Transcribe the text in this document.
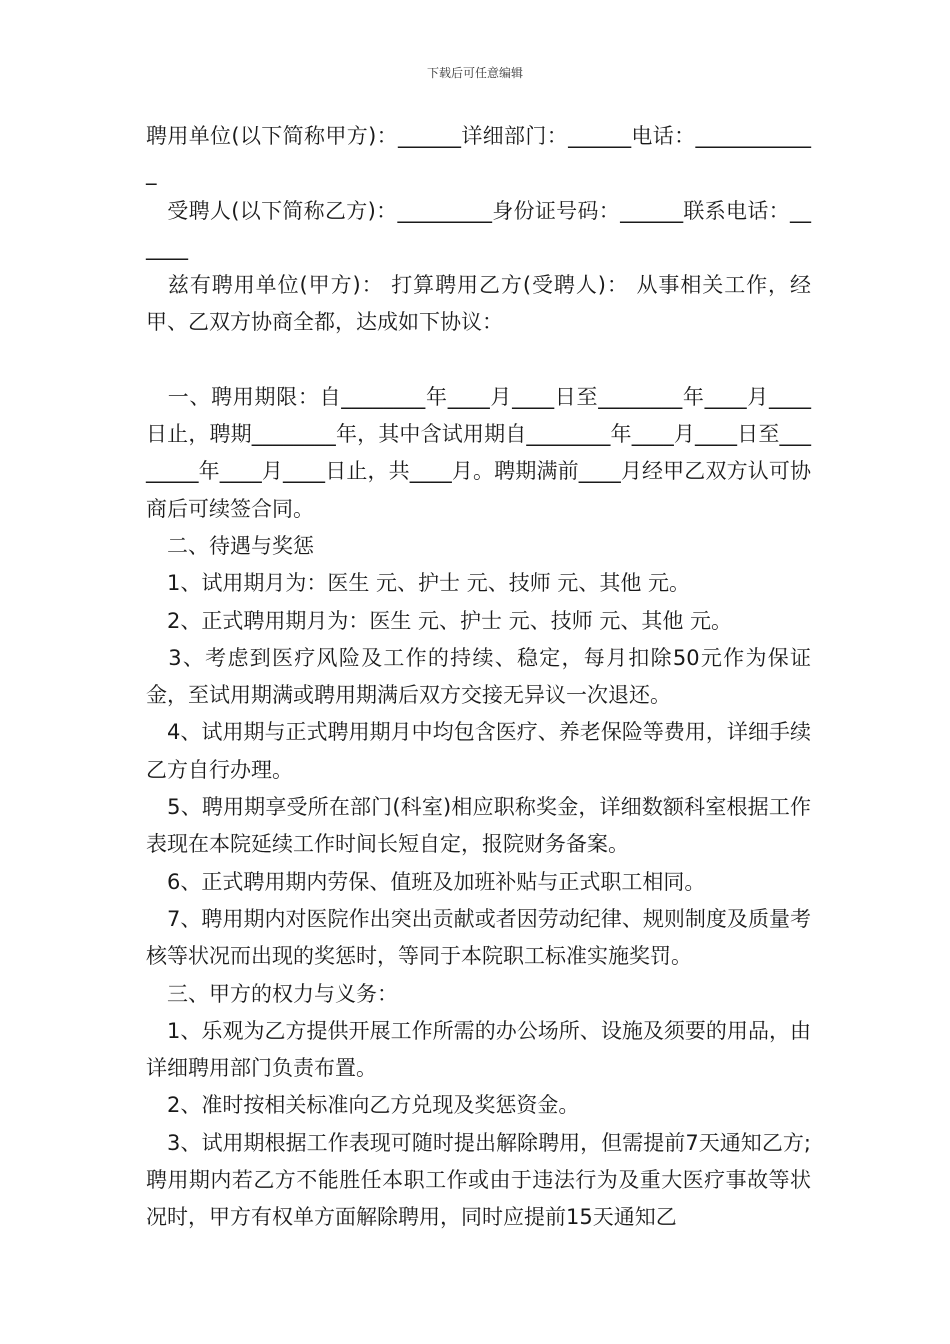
下载后可任意编辑

聘用单位(以下简称甲方)：______详细部门：______电话：____________

　受聘人(以下简称乙方)：_________身份证号码：______联系电话：______

　兹有聘用单位(甲方)： 打算聘用乙方(受聘人)： 从事相关工作，经甲、乙双方协商全都，达成如下协议：

　一、聘用期限：自________年____月____日至________年____月____日止，聘期________年，其中含试用期自________年____月____日至________年____月____日止，共____月。聘期满前____月经甲乙双方认可协商后可续签合同。

　二、待遇与奖惩

　1、试用期月为：医生 元、护士 元、技师 元、其他 元。

　2、正式聘用期月为：医生 元、护士 元、技师 元、其他 元。

　3、考虑到医疗风险及工作的持续、稳定，每月扣除50元作为保证金，至试用期满或聘用期满后双方交接无异议一次退还。

　4、试用期与正式聘用期月中均包含医疗、养老保险等费用，详细手续乙方自行办理。

　5、聘用期享受所在部门(科室)相应职称奖金，详细数额科室根据工作表现在本院延续工作时间长短自定，报院财务备案。

　6、正式聘用期内劳保、值班及加班补贴与正式职工相同。

　7、聘用期内对医院作出突出贡献或者因劳动纪律、规则制度及质量考核等状况而出现的奖惩时，等同于本院职工标准实施奖罚。

　三、甲方的权力与义务：

　1、乐观为乙方提供开展工作所需的办公场所、设施及须要的用品，由详细聘用部门负责布置。

　2、准时按相关标准向乙方兑现及奖惩资金。

　3、试用期根据工作表现可随时提出解除聘用，但需提前7天通知乙方;聘用期内若乙方不能胜任本职工作或由于违法行为及重大医疗事故等状况时，甲方有权单方面解除聘用，同时应提前15天通知乙
